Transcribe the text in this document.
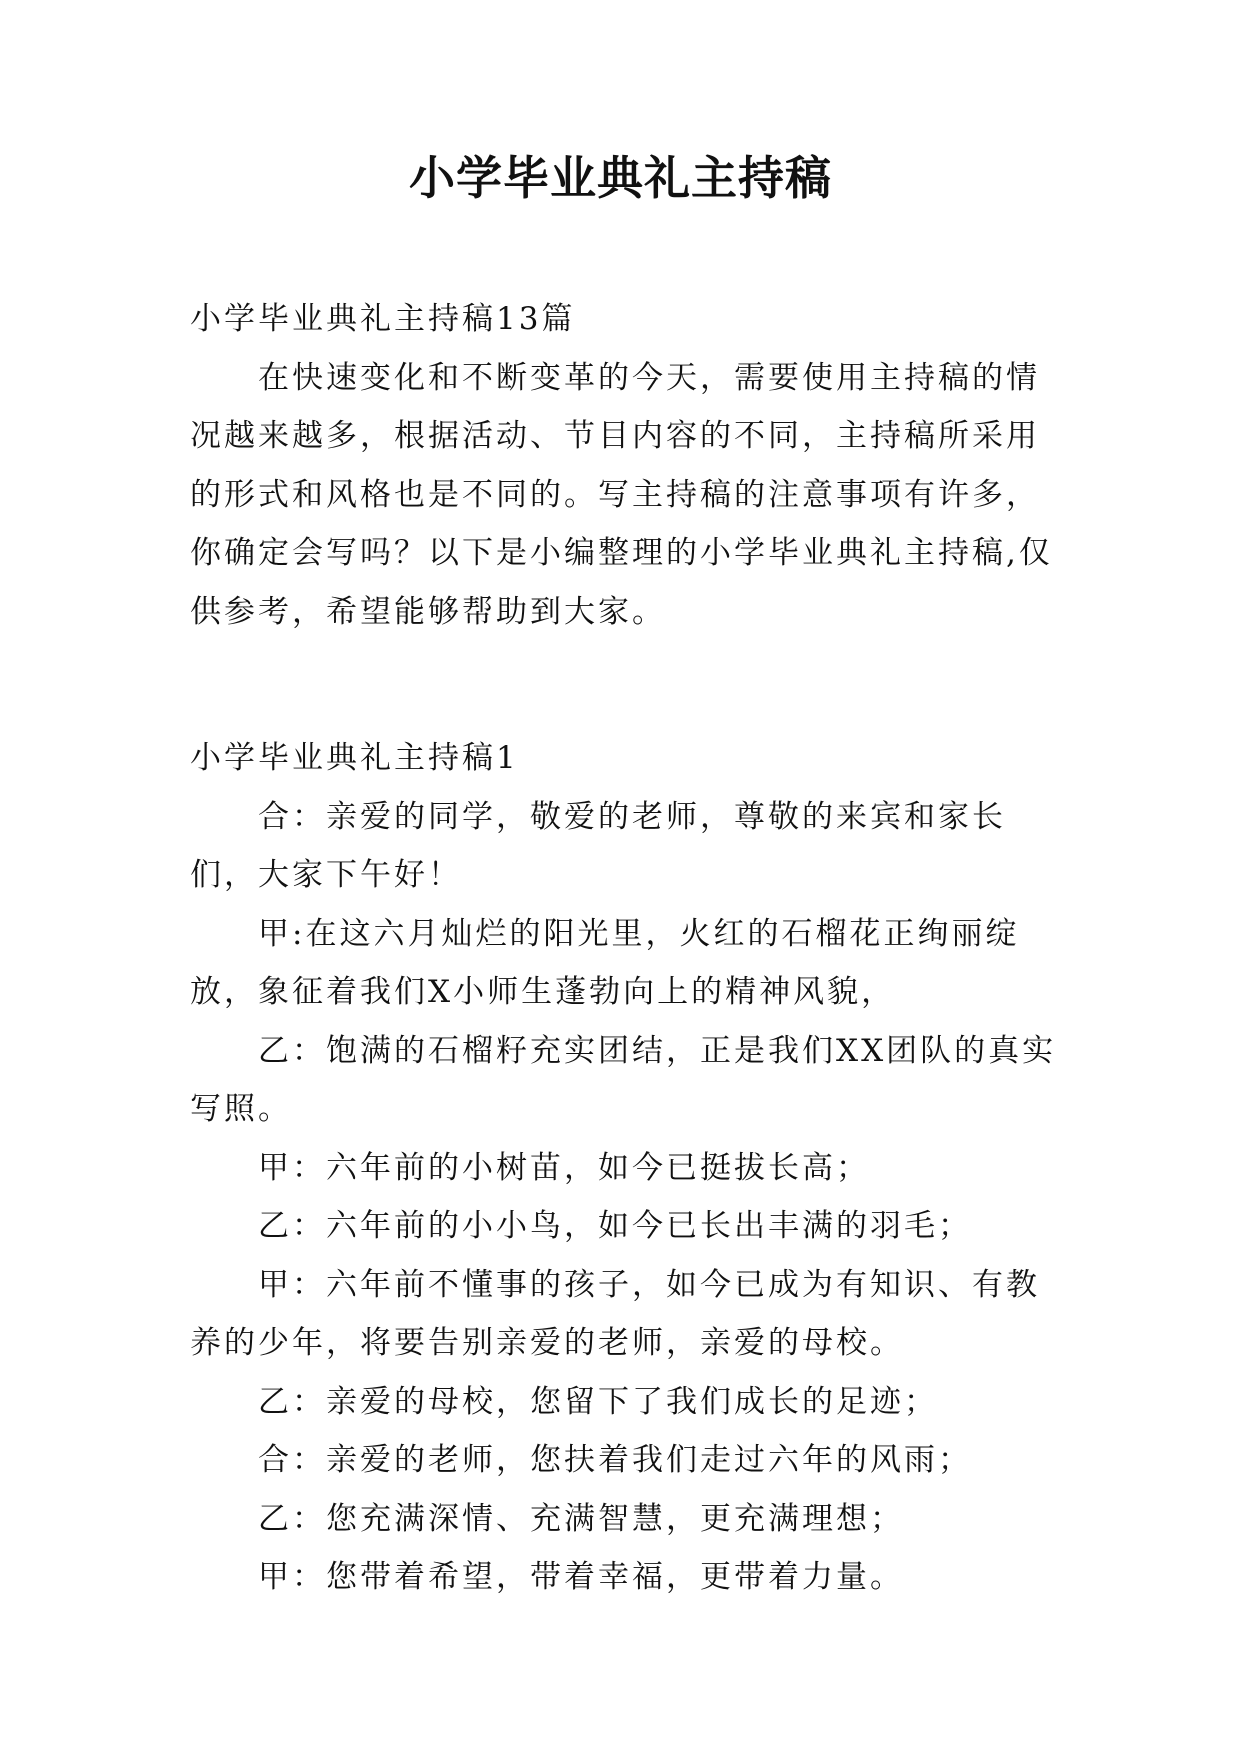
小学毕业典礼主持稿

小学毕业典礼主持稿13篇

在快速变化和不断变革的今天，需要使用主持稿的情况越来越多，根据活动、节目内容的不同，主持稿所采用的形式和风格也是不同的。写主持稿的注意事项有许多，你确定会写吗？以下是小编整理的小学毕业典礼主持稿,仅供参考，希望能够帮助到大家。

小学毕业典礼主持稿1

合：亲爱的同学，敬爱的老师，尊敬的来宾和家长们，大家下午好！

甲:在这六月灿烂的阳光里，火红的石榴花正绚丽绽放，象征着我们X小师生蓬勃向上的精神风貌，

乙：饱满的石榴籽充实团结，正是我们XX团队的真实写照。

甲：六年前的小树苗，如今已挺拔长高；

乙：六年前的小小鸟，如今已长出丰满的羽毛；

甲：六年前不懂事的孩子，如今已成为有知识、有教养的少年，将要告别亲爱的老师，亲爱的母校。

乙：亲爱的母校，您留下了我们成长的足迹；

合：亲爱的老师，您扶着我们走过六年的风雨；

乙：您充满深情、充满智慧，更充满理想；

甲：您带着希望，带着幸福，更带着力量。
